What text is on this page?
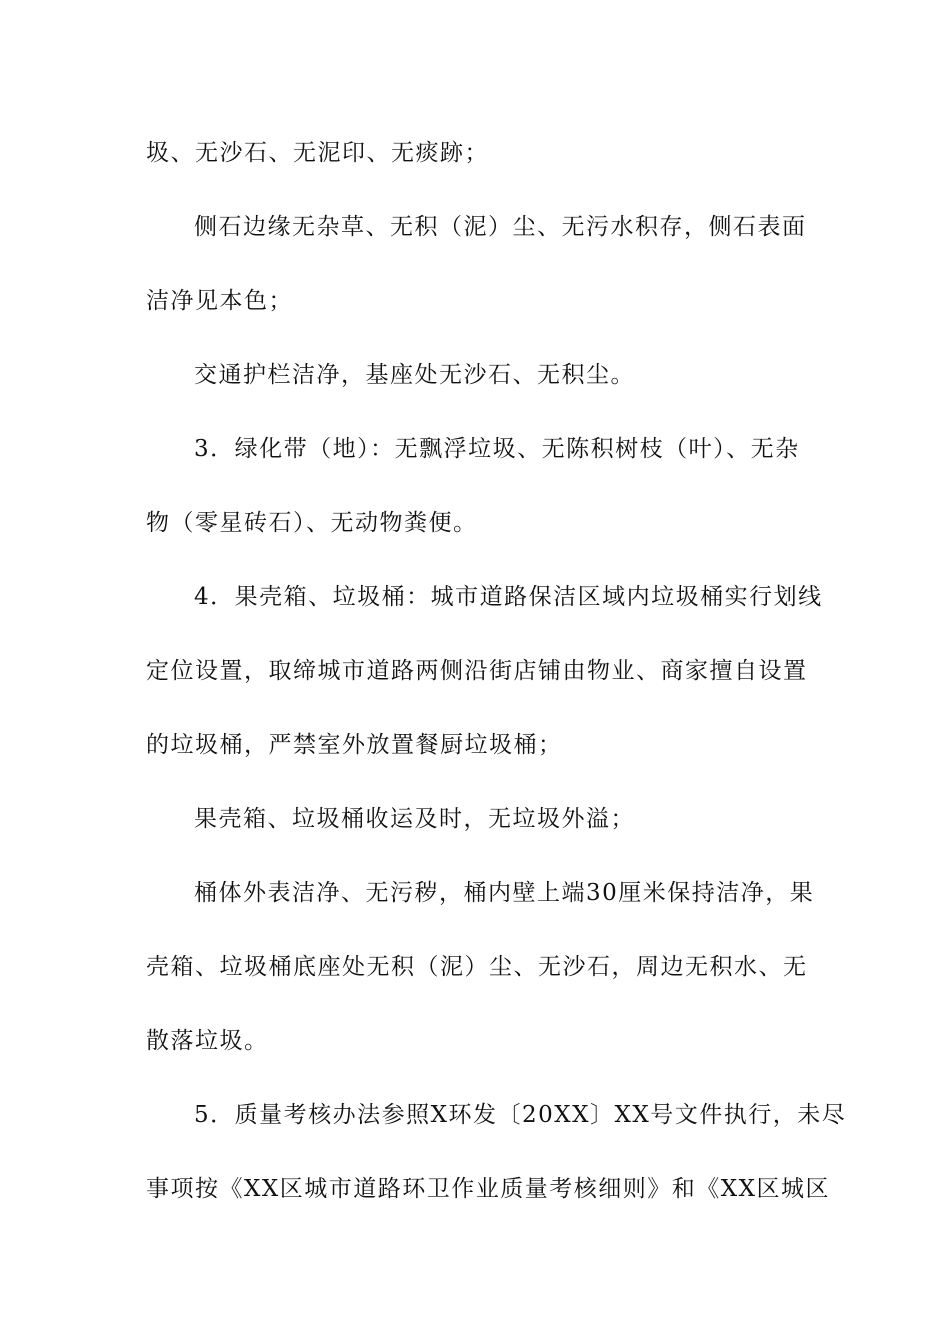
圾、无沙石、无泥印、无痰跡；
侧石边缘无杂草、无积（泥）尘、无污水积存，侧石表面
洁净见本色；
交通护栏洁净，基座处无沙石、无积尘。
3．绿化带（地）：无飘浮垃圾、无陈积树枝（叶）、无杂
物（零星砖石）、无动物粪便。
4．果壳箱、垃圾桶：城市道路保洁区域内垃圾桶实行划线
定位设置，取缔城市道路两侧沿街店铺由物业、商家擅自设置
的垃圾桶，严禁室外放置餐厨垃圾桶；
果壳箱、垃圾桶收运及时，无垃圾外溢；
桶体外表洁净、无污秽，桶内壁上端30厘米保持洁净，果
壳箱、垃圾桶底座处无积（泥）尘、无沙石，周边无积水、无
散落垃圾。
5．质量考核办法参照X环发〔20XX〕XX号文件执行，未尽
事项按《XX区城市道路环卫作业质量考核细则》和《XX区城区
